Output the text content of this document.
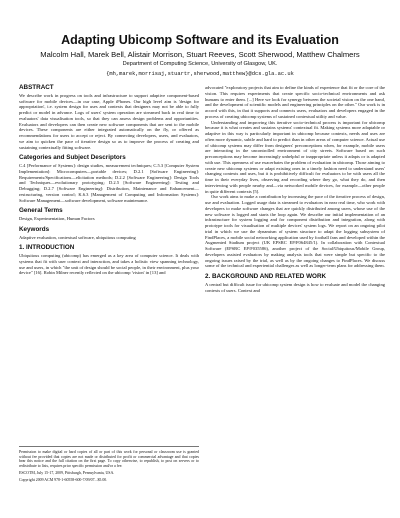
Adapting Ubicomp Software and its Evaluation
Malcolm Hall, Marek Bell, Alistair Morrison, Stuart Reeves, Scott Sherwood, Matthew Chalmers
Department of Computing Science, University of Glasgow, UK.
{mh,marek,morrisaj,stuartr,sherwood,matthew}@dcs.gla.ac.uk
ABSTRACT

We describe work in progress on tools and infrastructure to support adaptive component-based software for mobile devices—in our case, Apple iPhones. Our high level aim is 'design for appropriation', i.e. system design for uses and contexts that designers may not be able to fully predict or model in advance. Logs of users' system operation are streamed back in real time to evaluators' data visualisation tools, so that they can assess design problems and opportunities. Evaluators and developers can then create new software components that are sent to the mobile devices. These components are either integrated automatically on the fly, or offered as recommendations for users to accept or reject. By connecting developers, users, and evaluators, we aim to quicken the pace of iterative design so as to improve the process of creating and sustaining contextually fitting software.

Categories and Subject Descriptors

C.4 [Performance of Systems]: design studies, measurement techniques; C.5.3 [Computer System Implementation]: Microcomputers—portable devices; D.2.1 [Software Engineering]: Requirements/Specifications—elicitation methods; D.2.2 [Software Engineering]: Design Tools and Techniques—evolutionary prototyping; D.2.5 [Software Engineering]: Testing and Debugging; D.2.7 [Software Engineering]: Distribution, Maintenance and Enhancement—restructuring, version control; K.6.3 [Management of Computing and Information Systems]: Software Management—software development, software maintenance.

General Terms

Design, Experimentation, Human Factors

Keywords

Adaptive evaluation, contextual software, ubiquitous computing

1. INTRODUCTION

Ubiquitous computing (ubicomp) has emerged as a key area of computer science. It deals with systems that fit with user context and interaction, and takes a holistic view spanning technology, use and users, in which "the unit of design should be social people, in their environment, plus your device" [16]. Robin Milner recently reflected on the ubicomp 'vision' in [13] and

Permission to make digital or hard copies of all or part of this work for personal or classroom use is granted without fee provided that copies are not made or distributed for profit or commercial advantage and that copies bear this notice and the full citation on the first page. To copy otherwise, to republish, to post on servers or to redistribute to lists, requires prior specific permission and/or a fee.

ESCOTM, July 15-17, 2009, Pittsburgh, Pennsylvania, USA.

Copyright 2009 ACM 978-1-60558-600-7/09/07...$5.00.

advocated "exploratory projects that aim to define the kinds of experience that fit or the core of the vision. This requires experiments that create specific socio-technical environments and ask humans to enter them. [...] Here we look for synergy between the societal vision on the one hand, and the development of scientific models and engineering principles on the other." Our work is in accord with this, in that it supports and connects users, evaluators and developers engaged in the process of creating ubicomp systems of sustained contextual utility and value.

Understanding and improving this iterative socio-technical process is important for ubicomp because it is what creates and sustains systems' contextual fit. Making systems more adaptable or adaptive in this way is particularly important in ubicomp because contexts, needs and uses are often more dynamic, subtle and hard to predict than in other areas of computer science. Actual use of ubicomp systems may differ from designers' preconceptions when, for example, mobile users are interacting in the uncontrolled environment of city streets. Software based on such preconceptions may become increasingly unhelpful or inappropriate unless it adapts or is adapted with use. This openness of use exacerbates the problem of evaluation in ubicomp. Those aiming to create new ubicomp systems or adapt existing ones in a timely fashion need to understand users' changing contexts and uses, but it is prohibitively difficult for evaluators to be with users all the time in their everyday lives, observing and recording where they go, what they do, and then interviewing with people nearby and—via networked mobile devices, for example—other people in quite different contexts [5].

Our work aims to make a contribution by increasing the pace of the iterative process of design, use and evaluation. Logged usage data is streamed to evaluators in near real time, who work with developers to make software changes that are quickly distributed among users, whose use of the new software is logged and starts the loop again. We describe our initial implementation of an infrastructure for system logging and for component distribution and integration, along with prototype tools for visualisation of multiple devices' system logs. We report on an ongoing pilot trial in which we use the dynamism of system structure to adapt the logging subsystem of FindPlaces, a mobile social networking application used by football fans and developed within the Augmented Stadium project (UK EPSRC EP/F064845/1). In collaboration with Contextual Software (EPSRC EP/F035586), another project of the Social/Ubiquitous/Mobile Group, developers assisted evaluators by making analysis tools that were simple but specific to the ongoing issues raised by the trial, as well as by the ongoing changes to FindPlaces. We discuss some of the technical and experiential challenges as well as longer-term plans for addressing them.

2. BACKGROUND AND RELATED WORK

A central but difficult issue for ubicomp system design is how to evaluate and model the changing contexts of users. Context and
